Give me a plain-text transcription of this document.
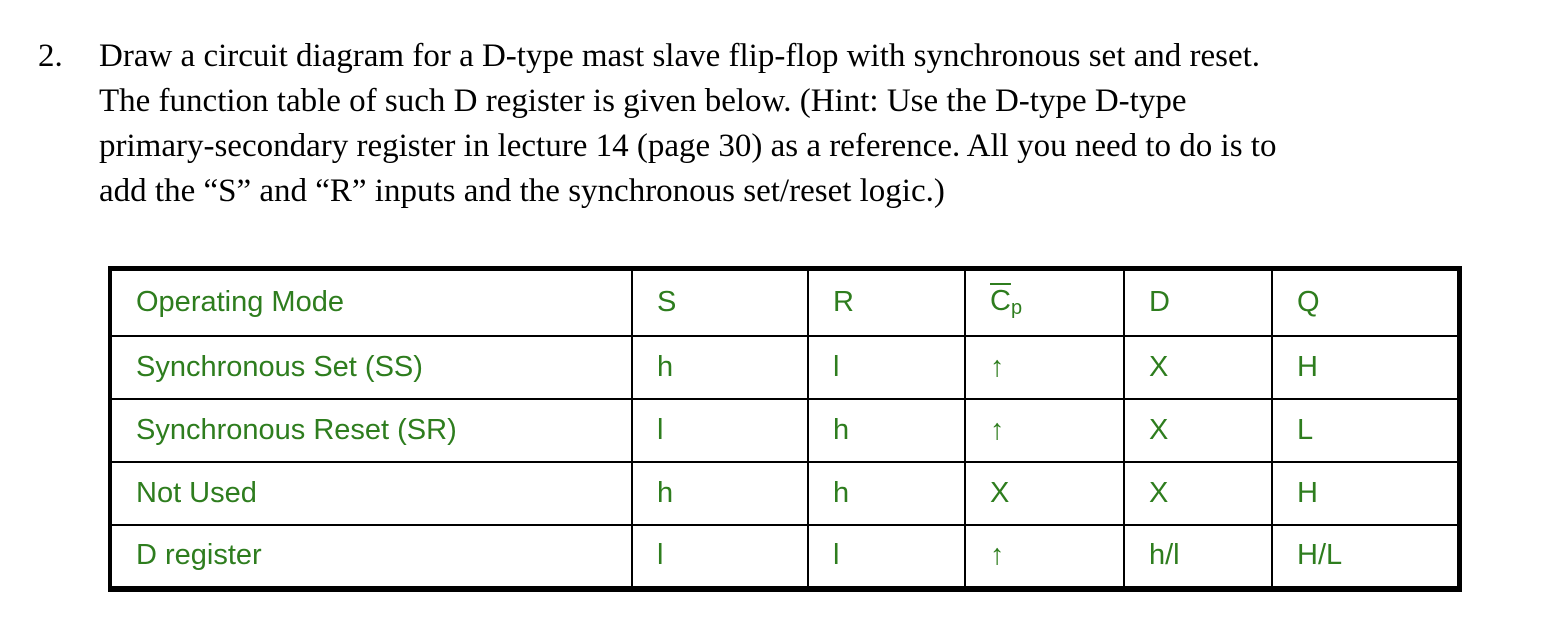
2. Draw a circuit diagram for a D-type mast slave flip-flop with synchronous set and reset.
The function table of such D register is given below. (Hint: Use the D-type D-type
primary-secondary register in lecture 14 (page 30) as a reference. All you need to do is to
add the “S” and “R” inputs and the synchronous set/reset logic.)
Operating Mode	S	R	$\overline{C}p$	D	Q
Synchronous Set (SS)	h	l	↑	X	H
Synchronous Reset (SR)	l	h	↑	X	L
Not Used	h	h	X	X	H
D register	l	l	↑	h/l	H/L
